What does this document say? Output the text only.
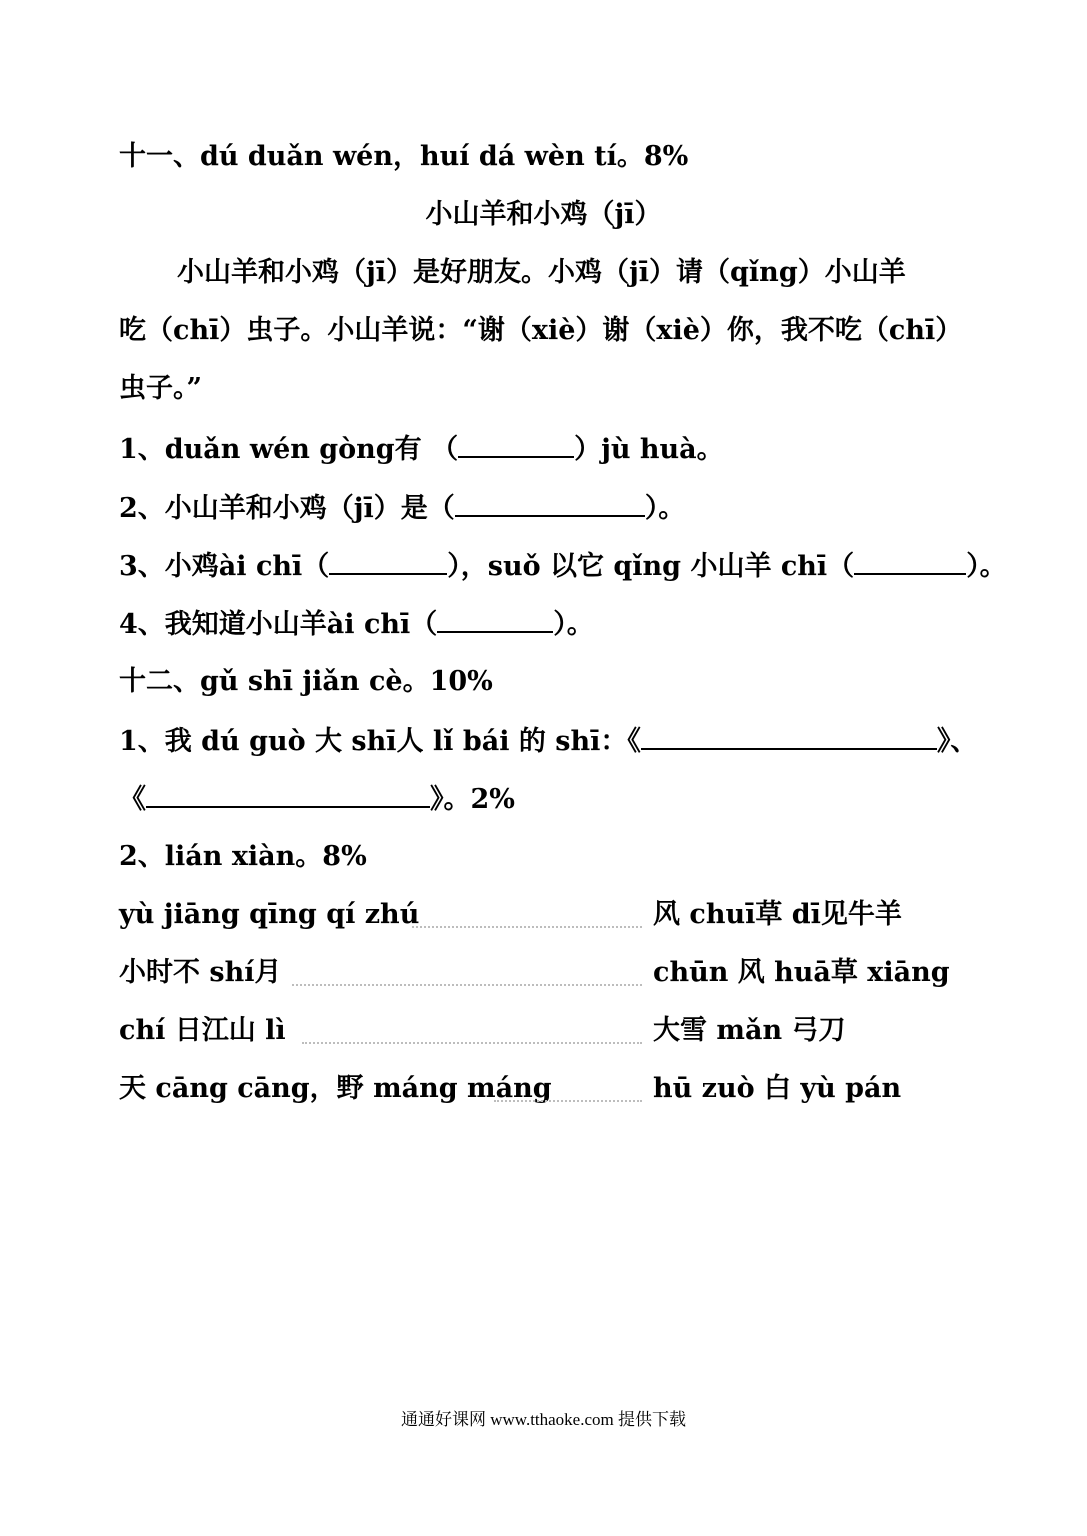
十一、dú duǎn wén，huí dá wèn tí。8%
小山羊和小鸡（jī）
小山羊和小鸡（jī）是好朋友。小鸡（jī）请（qǐng）小山羊
吃（chī）虫子。小山羊说：“谢（xiè）谢（xiè）你，我不吃（chī）
虫子。”
1、duǎn wén gòng有 （	）jù huà。
2、小山羊和小鸡（jī）是（	）。
3、小鸡ài chī（	），suǒ 以它 qǐng 小山羊 chī（	）。
4、我知道小山羊ài chī（	）。
十二、gǔ shī jiǎn cè。10%
1、我 dú guò 大 shī人 lǐ bái 的 shī：《	》、
《	》。2%
2、lián xiàn。8%
yù jiāng qīng qí zhú	风 chuī草 dī见牛羊
小时不 shí月	chūn 风 huā草 xiāng
chí 日江山 lì	大雪 mǎn 弓刀
天 cāng cāng，野 máng máng	hū zuò 白 yù pán
通通好课网 www.tthaoke.com 提供下载
